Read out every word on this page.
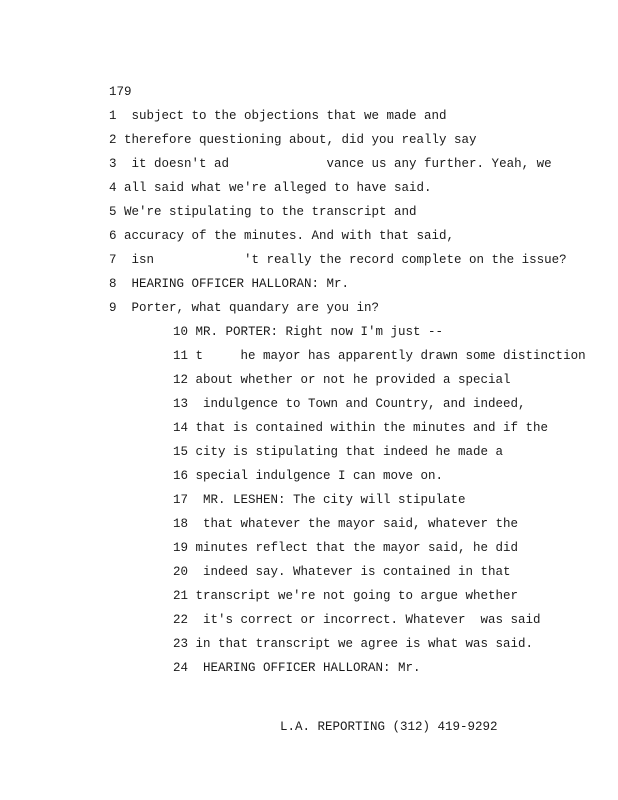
179
1  subject to the objections that we made and
2 therefore questioning about, did you really say
3  it doesn't ad             vance us any further. Yeah, we
4 all said what we're alleged to have said.
5 We're stipulating to the transcript and
6 accuracy of the minutes. And with that said,
7  isn            't really the record complete on the issue?
8  HEARING OFFICER HALLORAN: Mr.
9  Porter, what quandary are you in?
10 MR. PORTER: Right now I'm just --
11 t     he mayor has apparently drawn some distinction
12 about whether or not he provided a special
13  indulgence to Town and Country, and indeed,
14 that is contained within the minutes and if the
15 city is stipulating that indeed he made a
16 special indulgence I can move on.
17  MR. LESHEN: The city will stipulate
18  that whatever the mayor said, whatever the
19 minutes reflect that the mayor said, he did
20  indeed say. Whatever is contained in that
21 transcript we're not going to argue whether
22  it's correct or incorrect. Whatever  was said
23 in that transcript we agree is what was said.
24  HEARING OFFICER HALLORAN: Mr.
L.A. REPORTING (312) 419-9292
